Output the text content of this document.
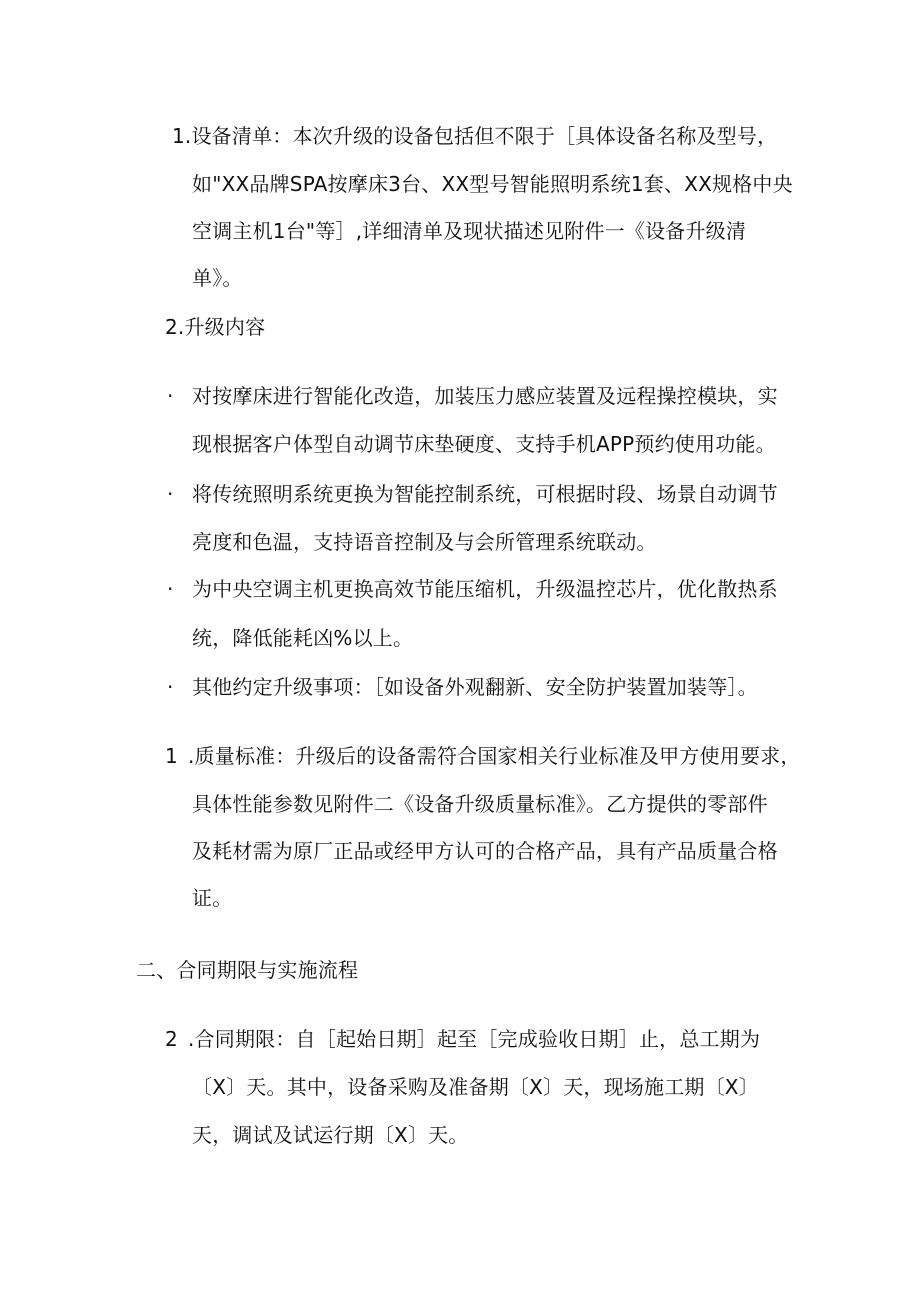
1.设备清单：本次升级的设备包括但不限于［具体设备名称及型号，
如"XX品牌SPA按摩床3台、XX型号智能照明系统1套、XX规格中央
空调主机1台"等］,详细清单及现状描述见附件一《设备升级清
单》。
2.升级内容
· 对按摩床进行智能化改造，加装压力感应装置及远程操控模块，实
现根据客户体型自动调节床垫硬度、支持手机APP预约使用功能。
· 将传统照明系统更换为智能控制系统，可根据时段、场景自动调节
亮度和色温，支持语音控制及与会所管理系统联动。
· 为中央空调主机更换高效节能压缩机，升级温控芯片，优化散热系
统，降低能耗凶%以上。
· 其他约定升级事项：［如设备外观翻新、安全防护装置加装等］。
1 .质量标准：升级后的设备需符合国家相关行业标准及甲方使用要求，
具体性能参数见附件二《设备升级质量标准》。乙方提供的零部件
及耗材需为原厂正品或经甲方认可的合格产品，具有产品质量合格
证。
二、合同期限与实施流程
2 .合同期限：自［起始日期］起至［完成验收日期］止，总工期为
〔X〕天。其中，设备采购及准备期〔X〕天，现场施工期〔X〕
天，调试及试运行期〔X〕天。
